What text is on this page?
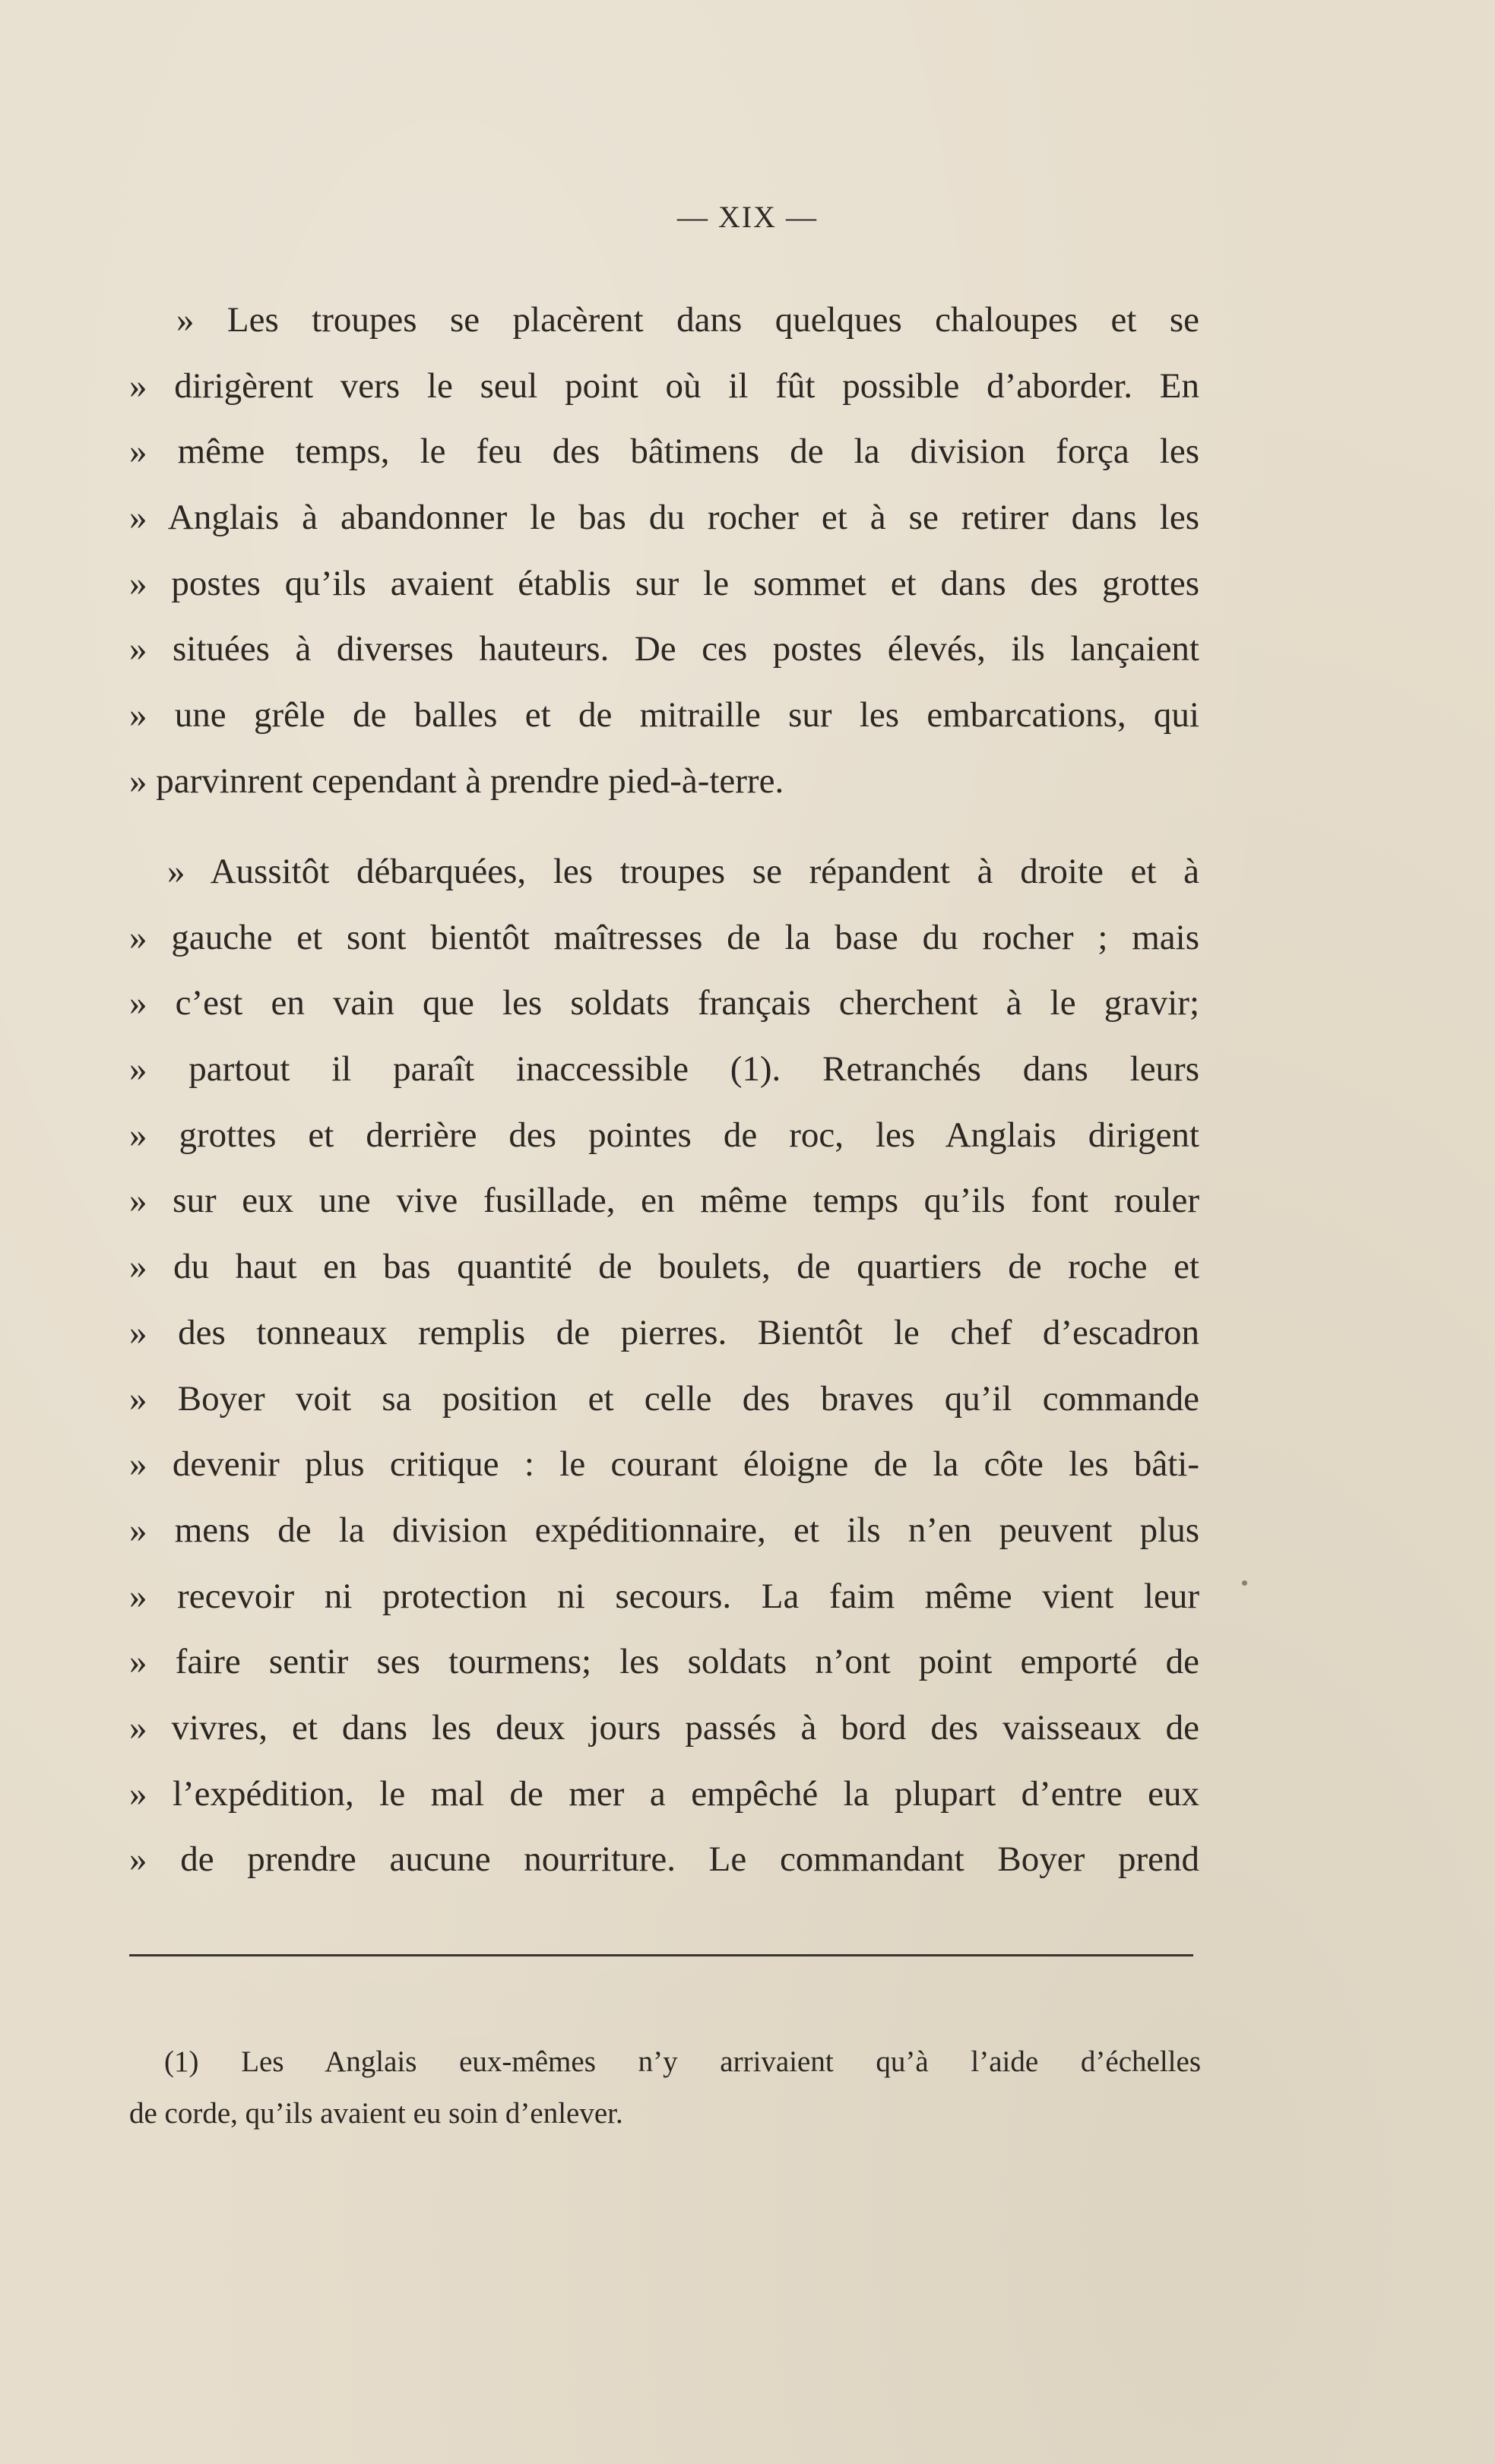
— XIX —
» Les troupes se placèrent dans quelques chaloupes et se
» dirigèrent vers le seul point où il fût possible d’aborder. En
» même temps, le feu des bâtimens de la division força les
» Anglais à abandonner le bas du rocher et à se retirer dans les
» postes qu’ils avaient établis sur le sommet et dans des grottes
» situées à diverses hauteurs. De ces postes élevés, ils lançaient
» une grêle de balles et de mitraille sur les embarcations, qui
» parvinrent cependant à prendre pied-à-terre.
» Aussitôt débarquées, les troupes se répandent à droite et à
» gauche et sont bientôt maîtresses de la base du rocher ; mais
» c’est en vain que les soldats français cherchent à le gravir;
» partout il paraît inaccessible (1). Retranchés dans leurs
» grottes et derrière des pointes de roc, les Anglais dirigent
» sur eux une vive fusillade, en même temps qu’ils font rouler
» du haut en bas quantité de boulets, de quartiers de roche et
» des tonneaux remplis de pierres. Bientôt le chef d’escadron
» Boyer voit sa position et celle des braves qu’il commande
» devenir plus critique : le courant éloigne de la côte les bâti-
» mens de la division expéditionnaire, et ils n’en peuvent plus
» recevoir ni protection ni secours. La faim même vient leur
» faire sentir ses tourmens; les soldats n’ont point emporté de
» vivres, et dans les deux jours passés à bord des vaisseaux de
» l’expédition, le mal de mer a empêché la plupart d’entre eux
» de prendre aucune nourriture. Le commandant Boyer prend
(1) Les Anglais eux-mêmes n’y arrivaient qu’à l’aide d’échelles
de corde, qu’ils avaient eu soin d’enlever.
